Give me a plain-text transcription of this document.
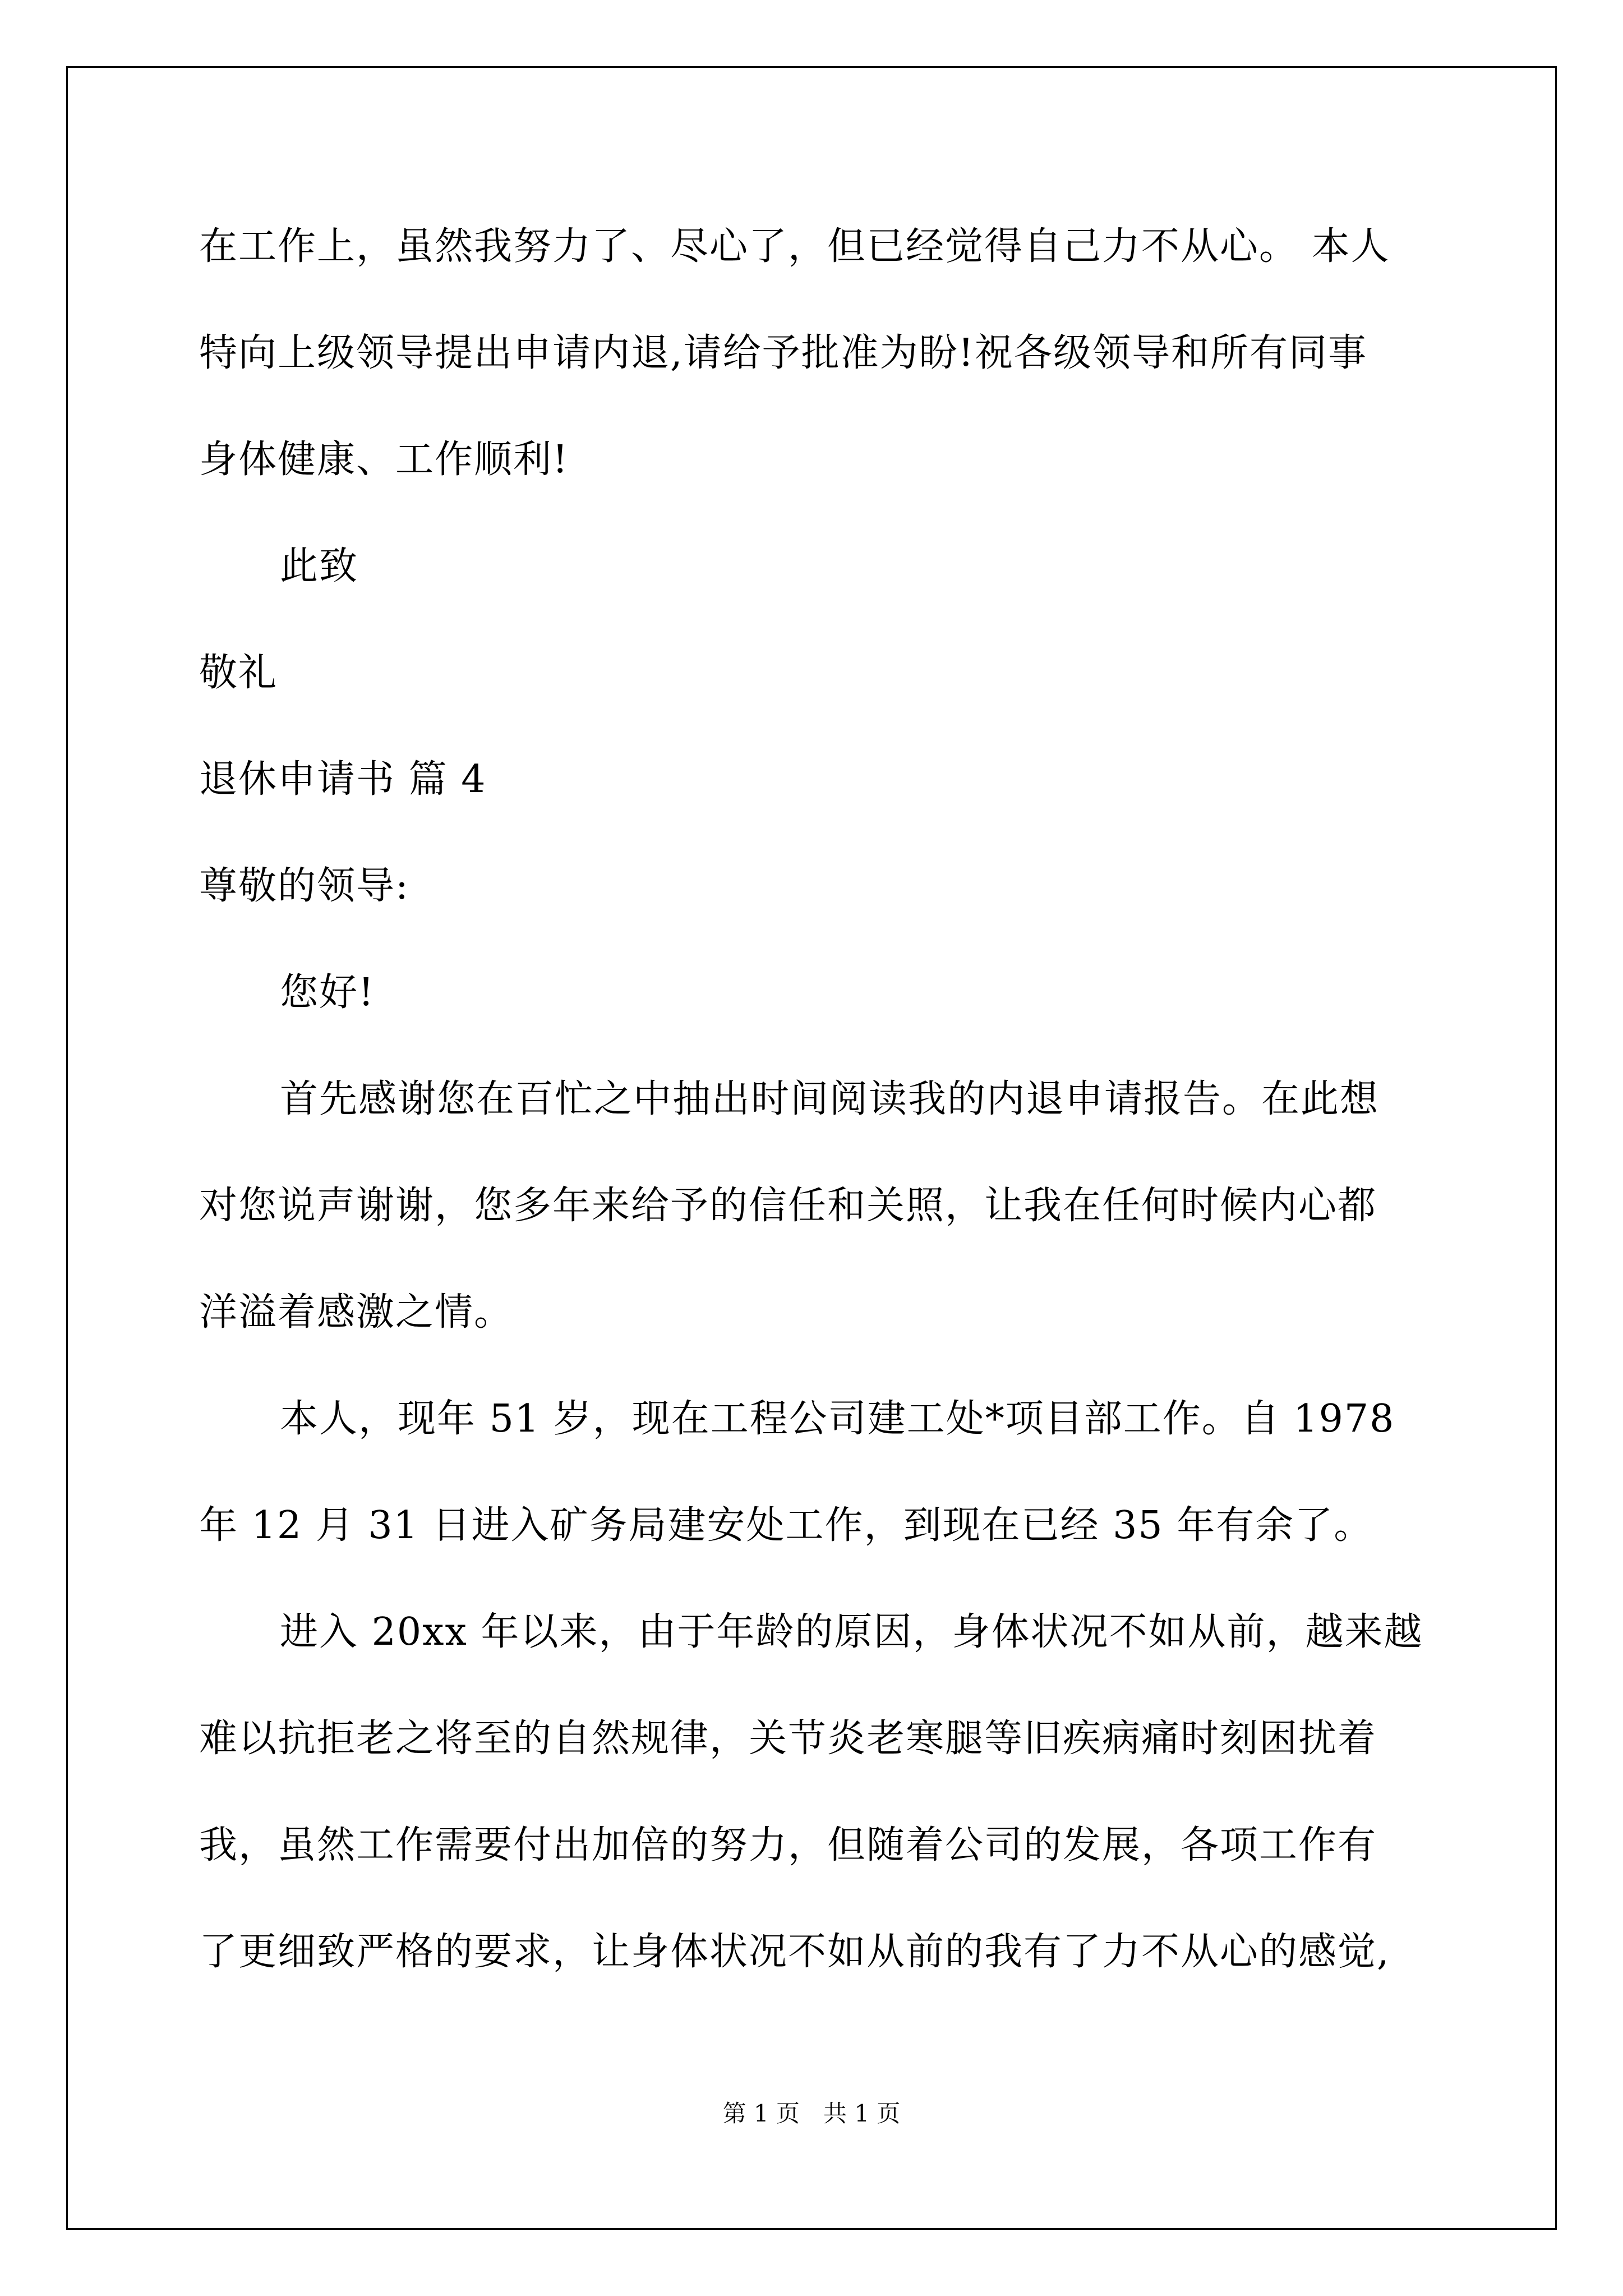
在工作上，虽然我努力了、尽心了，但已经觉得自己力不从心。 本人
特向上级领导提出申请内退,请给予批准为盼!祝各级领导和所有同事
身体健康、工作顺利!
此致
敬礼
退休申请书 篇 4
尊敬的领导:
您好!
首先感谢您在百忙之中抽出时间阅读我的内退申请报告。在此想
对您说声谢谢，您多年来给予的信任和关照，让我在任何时候内心都
洋溢着感激之情。
本人，现年 51 岁，现在工程公司建工处*项目部工作。自 1978
年 12 月 31 日进入矿务局建安处工作，到现在已经 35 年有余了。
进入 20xx 年以来，由于年龄的原因，身体状况不如从前，越来越
难以抗拒老之将至的自然规律，关节炎老寒腿等旧疾病痛时刻困扰着
我，虽然工作需要付出加倍的努力，但随着公司的发展，各项工作有
了更细致严格的要求，让身体状况不如从前的我有了力不从心的感觉,
第 1 页　共 1 页
